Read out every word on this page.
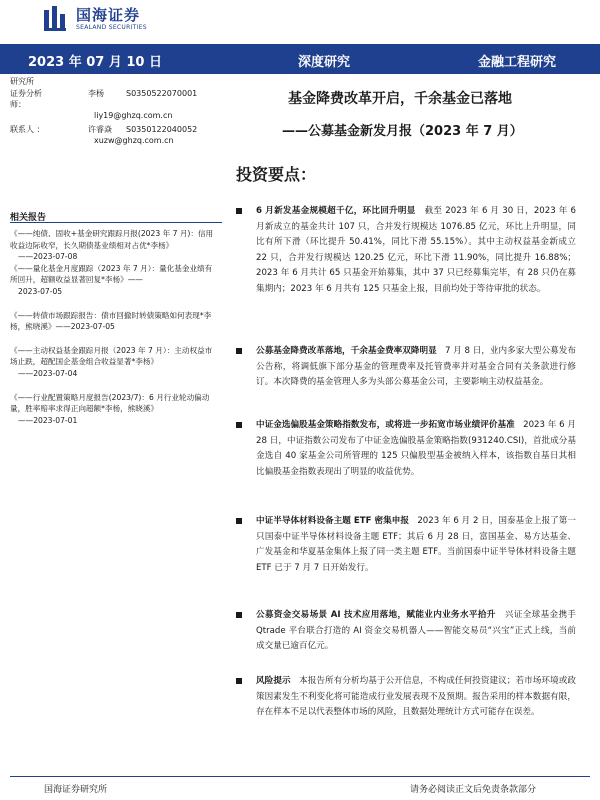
国海证券
SEALAND SECURITIES
2023 年 07 月 10 日	深度研究	金融工程研究
研究所
证券分析师：
李杨	S0350522070001
liy19@ghzq.com.cn
联系人 ：	许睿焱	S0350122040052
xuzw@ghzq.com.cn
相关报告
《——纯债、固收+基金研究跟踪月报(2023 年 7 月)：信用收益边际收窄，长久期债基业绩相对占优*李杨》
——2023-07-08
《——量化基金月度跟踪（2023 年 7 月）：量化基金业绩有所回升，超额收益显著回复*李杨》——
2023-07-05
《——转债市场跟踪报告：债市回撤时转债策略如何表现*李杨，熊晓溪》——2023-07-05
《——主动权益基金跟踪月报（2023 年 7 月）：主动权益市场止跌，超配国企基金组合收益显著*李杨》
——2023-07-04
《——行业配置策略月度报告(2023/7)：6 月行业轮动偏动量，胜率赔率求得正向超额*李杨，熊晓溪》
——2023-07-01
基金降费改革开启，千余基金已落地
——公募基金新发月报（2023 年 7 月）
投资要点：
6 月新发基金规模超千亿，环比回升明显 截至 2023 年 6 月 30 日，2023 年 6 月新成立的基金共计 107 只，合并发行规模达 1076.85 亿元，环比上升明显，同比有所下滑（环比提升 50.41%，同比下滑 55.15%）。其中主动权益基金新成立 22 只，合并发行规模达 120.25 亿元，环比下滑 11.90%，同比提升 16.88%；2023 年 6 月共计 65 只基金开始募集，其中 37 只已经募集完毕，有 28 只仍在募集期内；2023 年 6 月共有 125 只基金上报，目前均处于等待审批的状态。
公募基金降费改革落地，千余基金费率双降明显 7 月 8 日，业内多家大型公募发布公告称，将调低旗下部分基金的管理费率及托管费率并对基金合同有关条款进行修订。本次降费的基金管理人多为头部公募基金公司，主要影响主动权益基金。
中证金选偏股基金策略指数发布，或将进一步拓宽市场业绩评价基准 2023 年 6 月 28 日，中证指数公司发布了中证金选偏股基金策略指数(931240.CSI)，首批成分基金选自 40 家基金公司所管理的 125 只偏股型基金被纳入样本，该指数自基日其相比偏股基金指数表现出了明显的收益优势。
中证半导体材料设备主题 ETF 密集申报 2023 年 6 月 2 日，国泰基金上报了第一只国泰中证半导体材料设备主题 ETF；其后 6 月 28 日，富国基金、易方达基金、广发基金和华夏基金集体上报了同一类主题 ETF。当前国泰中证半导体材料设备主题 ETF 已于 7 月 7 日开始发行。
公募资金交易场景 AI 技术应用落地，赋能业内业务水平拾升 兴证全球基金携手 Qtrade 平台联合打造的 AI 资金交易机器人——智能交易员“兴宝”正式上线，当前成交量已逾百亿元。
风险提示 本报告所有分析均基于公开信息，不构成任何投资建议；若市场环境或政策因素发生不利变化将可能造成行业发展表现不及预期。报告采用的样本数据有限，存在样本不足以代表整体市场的风险，且数据处理统计方式可能存在误差。
国海证券研究所	请务必阅读正文后免责条款部分
